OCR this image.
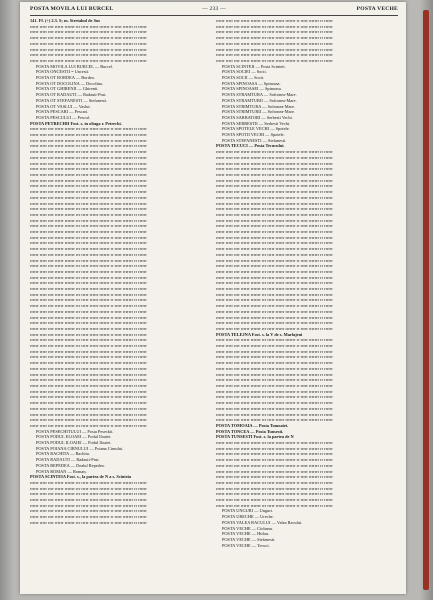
POSTA MOVILA LUI BURCEL	— 233 —	POSTA VECHE

141. Ff. (+) 2.3. S; m. Stretahul de Sus

rrrrrr rrrrr rrrr rrrrrr rrrrrrr rrr rrrrr rrrrrr rrrrrrr rr rrrrr rrrrrrr rr rrrrrr

rrrrrr rrrrr rrrr rrrrrr rrrrrrr rrr rrrrr rrrrrr rrrrrrr rr rrrrr rrrrrrr rr rrrrrr

rrrrrr rrrrr rrrr rrrrrr rrrrrrr rrr rrrrr rrrrrr rrrrrrr rr rrrrr rrrrrrr rr rrrrrr

rrrrrr rrrrr rrrr rrrrrr rrrrrrr rrr rrrrr rrrrrr rrrrrrr rr rrrrr rrrrrrr rr rrrrrr

rrrrrr rrrrr rrrr rrrrrr rrrrrrr rrr rrrrr rrrrrr rrrrrrr rr rrrrr rrrrrrr rr rrrrrr

rrrrrr rrrrr rrrr rrrrrr rrrrrrr rrr rrrrr rrrrrr rrrrrrr rr rrrrr rrrrrrr rr rrrrrr

rrrrrr rrrrr rrrr rrrrrr rrrrrrr rrr rrrrr rrrrrr rrrrrrr rr rrrrr rrrrrrr rr rrrrrr

POSTA MOVILA LUI BURCEL — Burcel.

POSTA ONCESTII = Uncesti.

POSTA OT BORDEA — Bordea.

POSTA OT DOCOLINA — Docolina.

POSTA OT GHIRENII — Ghirenii.

POSTA OT RADAUTI — Radauti-Prut.

POSTA OT STEFANESTI — Stefanesti.

POSTA OT VASLUI — Vaslui.

POSTA PESCARI — Pescari.

POSTA PESCULUI — Pescul.

POSTA PETRECHII Fost. s. in oltaga r. Petrechi.

rrrrrr rrrrr rrrr rrrrrr rrrrrrr rrr rrrrr rrrrrr rrrrrrr rr rrrrr rrrrrrr rr rrrrrr

rrrrrr rrrrr rrrr rrrrrr rrrrrrr rrr rrrrr rrrrrr rrrrrrr rr rrrrr rrrrrrr rr rrrrrr

rrrrrr rrrrr rrrr rrrrrr rrrrrrr rrr rrrrr rrrrrr rrrrrrr rr rrrrr rrrrrrr rr rrrrrr

rrrrrr rrrrr rrrr rrrrrr rrrrrrr rrr rrrrr rrrrrr rrrrrrr rr rrrrr rrrrrrr rr rrrrrr

rrrrrr rrrrr rrrr rrrrrr rrrrrrr rrr rrrrr rrrrrr rrrrrrr rr rrrrr rrrrrrr rr rrrrrr

rrrrrr rrrrr rrrr rrrrrr rrrrrrr rrr rrrrr rrrrrr rrrrrrr rr rrrrr rrrrrrr rr rrrrrr

rrrrrr rrrrr rrrr rrrrrr rrrrrrr rrr rrrrr rrrrrr rrrrrrr rr rrrrr rrrrrrr rr rrrrrr

rrrrrr rrrrr rrrr rrrrrr rrrrrrr rrr rrrrr rrrrrr rrrrrrr rr rrrrr rrrrrrr rr rrrrrr

rrrrrr rrrrr rrrr rrrrrr rrrrrrr rrr rrrrr rrrrrr rrrrrrr rr rrrrr rrrrrrr rr rrrrrr

rrrrrr rrrrr rrrr rrrrrr rrrrrrr rrr rrrrr rrrrrr rrrrrrr rr rrrrr rrrrrrr rr rrrrrr

rrrrrr rrrrr rrrr rrrrrr rrrrrrr rrr rrrrr rrrrrr rrrrrrr rr rrrrr rrrrrrr rr rrrrrr

rrrrrr rrrrr rrrr rrrrrr rrrrrrr rrr rrrrr rrrrrr rrrrrrr rr rrrrr rrrrrrr rr rrrrrr

rrrrrr rrrrr rrrr rrrrrr rrrrrrr rrr rrrrr rrrrrr rrrrrrr rr rrrrr rrrrrrr rr rrrrrr

rrrrrr rrrrr rrrr rrrrrr rrrrrrr rrr rrrrr rrrrrr rrrrrrr rr rrrrr rrrrrrr rr rrrrrr

rrrrrr rrrrr rrrr rrrrrr rrrrrrr rrr rrrrr rrrrrr rrrrrrr rr rrrrr rrrrrrr rr rrrrrr

rrrrrr rrrrr rrrr rrrrrr rrrrrrr rrr rrrrr rrrrrr rrrrrrr rr rrrrr rrrrrrr rr rrrrrr

rrrrrr rrrrr rrrr rrrrrr rrrrrrr rrr rrrrr rrrrrr rrrrrrr rr rrrrr rrrrrrr rr rrrrrr

rrrrrr rrrrr rrrr rrrrrr rrrrrrr rrr rrrrr rrrrrr rrrrrrr rr rrrrr rrrrrrr rr rrrrrr

rrrrrr rrrrr rrrr rrrrrr rrrrrrr rrr rrrrr rrrrrr rrrrrrr rr rrrrr rrrrrrr rr rrrrrr

rrrrrr rrrrr rrrr rrrrrr rrrrrrr rrr rrrrr rrrrrr rrrrrrr rr rrrrr rrrrrrr rr rrrrrr

rrrrrr rrrrr rrrr rrrrrr rrrrrrr rrr rrrrr rrrrrr rrrrrrr rr rrrrr rrrrrrr rr rrrrrr

rrrrrr rrrrr rrrr rrrrrr rrrrrrr rrr rrrrr rrrrrr rrrrrrr rr rrrrr rrrrrrr rr rrrrrr

rrrrrr rrrrr rrrr rrrrrr rrrrrrr rrr rrrrr rrrrrr rrrrrrr rr rrrrr rrrrrrr rr rrrrrr

rrrrrr rrrrr rrrr rrrrrr rrrrrrr rrr rrrrr rrrrrr rrrrrrr rr rrrrr rrrrrrr rr rrrrrr

rrrrrr rrrrr rrrr rrrrrr rrrrrrr rrr rrrrr rrrrrr rrrrrrr rr rrrrr rrrrrrr rr rrrrrr

rrrrrr rrrrr rrrr rrrrrr rrrrrrr rrr rrrrr rrrrrr rrrrrrr rr rrrrr rrrrrrr rr rrrrrr

rrrrrr rrrrr rrrr rrrrrr rrrrrrr rrr rrrrr rrrrrr rrrrrrr rr rrrrr rrrrrrr rr rrrrrr

rrrrrr rrrrr rrrr rrrrrr rrrrrrr rrr rrrrr rrrrrr rrrrrrr rr rrrrr rrrrrrr rr rrrrrr

rrrrrr rrrrr rrrr rrrrrr rrrrrrr rrr rrrrr rrrrrr rrrrrrr rr rrrrr rrrrrrr rr rrrrrr

rrrrrr rrrrr rrrr rrrrrr rrrrrrr rrr rrrrr rrrrrr rrrrrrr rr rrrrr rrrrrrr rr rrrrrr

rrrrrr rrrrr rrrr rrrrrr rrrrrrr rrr rrrrr rrrrrr rrrrrrr rr rrrrr rrrrrrr rr rrrrrr

rrrrrr rrrrr rrrr rrrrrr rrrrrrr rrr rrrrr rrrrrr rrrrrrr rr rrrrr rrrrrrr rr rrrrrr

rrrrrr rrrrr rrrr rrrrrr rrrrrrr rrr rrrrr rrrrrr rrrrrrr rr rrrrr rrrrrrr rr rrrrrr

rrrrrr rrrrr rrrr rrrrrr rrrrrrr rrr rrrrr rrrrrr rrrrrrr rr rrrrr rrrrrrr rr rrrrrr

rrrrrr rrrrr rrrr rrrrrr rrrrrrr rrr rrrrr rrrrrr rrrrrrr rr rrrrr rrrrrrr rr rrrrrr

rrrrrr rrrrr rrrr rrrrrr rrrrrrr rrr rrrrr rrrrrr rrrrrrr rr rrrrr rrrrrrr rr rrrrrr

rrrrrr rrrrr rrrr rrrrrr rrrrrrr rrr rrrrr rrrrrr rrrrrrr rr rrrrr rrrrrrr rr rrrrrr

rrrrrr rrrrr rrrr rrrrrr rrrrrrr rrr rrrrr rrrrrr rrrrrrr rr rrrrr rrrrrrr rr rrrrrr

rrrrrr rrrrr rrrr rrrrrr rrrrrrr rrr rrrrr rrrrrr rrrrrrr rr rrrrr rrrrrrr rr rrrrrr

rrrrrr rrrrr rrrr rrrrrr rrrrrrr rrr rrrrr rrrrrr rrrrrrr rr rrrrr rrrrrrr rr rrrrrr

rrrrrr rrrrr rrrr rrrrrr rrrrrrr rrr rrrrr rrrrrr rrrrrrr rr rrrrr rrrrrrr rr rrrrrr

rrrrrr rrrrr rrrr rrrrrr rrrrrrr rrr rrrrr rrrrrr rrrrrrr rr rrrrr rrrrrrr rr rrrrrr

rrrrrr rrrrr rrrr rrrrrr rrrrrrr rrr rrrrr rrrrrr rrrrrrr rr rrrrr rrrrrrr rr rrrrrr

rrrrrr rrrrr rrrr rrrrrr rrrrrrr rrr rrrrr rrrrrr rrrrrrr rr rrrrr rrrrrrr rr rrrrrr

rrrrrr rrrrr rrrr rrrrrr rrrrrrr rrr rrrrr rrrrrr rrrrrrr rr rrrrr rrrrrrr rr rrrrrr

rrrrrr rrrrr rrrr rrrrrr rrrrrrr rrr rrrrr rrrrrr rrrrrrr rr rrrrr rrrrrrr rr rrrrrr

rrrrrr rrrrr rrrr rrrrrr rrrrrrr rrr rrrrr rrrrrr rrrrrrr rr rrrrr rrrrrrr rr rrrrrr

rrrrrr rrrrr rrrr rrrrrr rrrrrrr rrr rrrrr rrrrrr rrrrrrr rr rrrrr rrrrrrr rr rrrrrr

rrrrrr rrrrr rrrr rrrrrr rrrrrrr rrr rrrrr rrrrrr rrrrrrr rr rrrrr rrrrrrr rr rrrrrr

rrrrrr rrrrr rrrr rrrrrr rrrrrrr rrr rrrrr rrrrrr rrrrrrr rr rrrrr rrrrrrr rr rrrrrr

rrrrrr rrrrr rrrr rrrrrr rrrrrrr rrr rrrrr rrrrrr rrrrrrr rr rrrrr rrrrrrr rr rrrrrr

rrrrrr rrrrr rrrr rrrrrr rrrrrrr rrr rrrrr rrrrrr rrrrrrr rr rrrrr rrrrrrr rr rrrrrr

rrrrrr rrrrr rrrr rrrrrr rrrrrrr rrr rrrrr rrrrrr rrrrrrr rr rrrrr rrrrrrr rr rrrrrr

POSTA PESECHITULUI — Posta Peseckit.

POSTA PODUL ELOAEI — Podul Iloaiei.

POSTA PODUL ILOAIEI — Podul Iloaiei.

POSTA POIANA CIRNULUI — Poiana Cirnului.

POSTA RACHITA — Rachita.

POSTA RADAUTI — Radauti-Prut.

POSTA REPEDEA — Dealul Repedea.

POSTA ROMAN — Roman.

POSTA SCINTEIA Fost. s., la partea de N a s. Scinteia

rrrrrr rrrrr rrrr rrrrrr rrrrrrr rrr rrrrr rrrrrr rrrrrrr rr rrrrr rrrrrrr rr rrrrrr

rrrrrr rrrrr rrrr rrrrrr rrrrrrr rrr rrrrr rrrrrr rrrrrrr rr rrrrr rrrrrrr rr rrrrrr

rrrrrr rrrrr rrrr rrrrrr rrrrrrr rrr rrrrr rrrrrr rrrrrrr rr rrrrr rrrrrrr rr rrrrrr

rrrrrr rrrrr rrrr rrrrrr rrrrrrr rrr rrrrr rrrrrr rrrrrrr rr rrrrr rrrrrrr rr rrrrrr

rrrrrr rrrrr rrrr rrrrrr rrrrrrr rrr rrrrr rrrrrr rrrrrrr rr rrrrr rrrrrrr rr rrrrrr

rrrrrr rrrrr rrrr rrrrrr rrrrrrr rrr rrrrr rrrrrr rrrrrrr rr rrrrr rrrrrrr rr rrrrrr

rrrrrr rrrrr rrrr rrrrrr rrrrrrr rrr rrrrr rrrrrr rrrrrrr rr rrrrr rrrrrrr rr rrrrrr

rrrrrr rrrrr rrrr rrrrrr rrrrrrr rrr rrrrr rrrrrr rrrrrrr rr rrrrr rrrrrrr rr rrrrrr

rrrrrr rrrrr rrrr rrrrrr rrrrrrr rrr rrrrr rrrrrr rrrrrrr rr rrrrr rrrrrrr rr rrrrrr

rrrrrr rrrrr rrrr rrrrrr rrrrrrr rrr rrrrr rrrrrr rrrrrrr rr rrrrr rrrrrrr rr rrrrrr

rrrrrr rrrrr rrrr rrrrrr rrrrrrr rrr rrrrr rrrrrr rrrrrrr rr rrrrr rrrrrrr rr rrrrrr

rrrrrr rrrrr rrrr rrrrrr rrrrrrr rrr rrrrr rrrrrr rrrrrrr rr rrrrr rrrrrrr rr rrrrrr

rrrrrr rrrrr rrrr rrrrrr rrrrrrr rrr rrrrr rrrrrr rrrrrrr rr rrrrr rrrrrrr rr rrrrrr

rrrrrr rrrrr rrrr rrrrrr rrrrrrr rrr rrrrr rrrrrr rrrrrrr rr rrrrr rrrrrrr rr rrrrrr

rrrrrr rrrrr rrrr rrrrrr rrrrrrr rrr rrrrr rrrrrr rrrrrrr rr rrrrr rrrrrrr rr rrrrrr

rrrrrr rrrrr rrrr rrrrrr rrrrrrr rrr rrrrr rrrrrr rrrrrrr rr rrrrr rrrrrrr rr rrrrrr

POSTA SCINTEII — Posta Scinteii.

POSTA SOCIEI — Socii.

POSTA SOCII — Socii.

POSTA SPINOASA — Spinoasa.

POSTA SPINOASEI — Spinoasa.

POSTA STRAMTURA — Sofronea-Mare.

POSTA STRAMTURII — Sofronea-Mare.

POSTA STRIMTURA — Sofronea-Mare.

POSTA STRIMTURII — Sofronea-Mare.

POSTA SARBATORI — Serbesti Vechi.

POSTA SERBESTII — Serbesti Vechi.

POSTA SPOTELE VECHI — Spotele.

POSTA SPOTII VECHI — Spotele.

POSTA STEFANESTI — Stefanesti.

POSTA TECUCI — Posta Tecucului.

rrrrrr rrrrr rrrr rrrrrr rrrrrrr rrr rrrrr rrrrrr rrrrrrr rr rrrrr rrrrrrr rr rrrrrr

rrrrrr rrrrr rrrr rrrrrr rrrrrrr rrr rrrrr rrrrrr rrrrrrr rr rrrrr rrrrrrr rr rrrrrr

rrrrrr rrrrr rrrr rrrrrr rrrrrrr rrr rrrrr rrrrrr rrrrrrr rr rrrrr rrrrrrr rr rrrrrr

rrrrrr rrrrr rrrr rrrrrr rrrrrrr rrr rrrrr rrrrrr rrrrrrr rr rrrrr rrrrrrr rr rrrrrr

rrrrrr rrrrr rrrr rrrrrr rrrrrrr rrr rrrrr rrrrrr rrrrrrr rr rrrrr rrrrrrr rr rrrrrr

rrrrrr rrrrr rrrr rrrrrr rrrrrrr rrr rrrrr rrrrrr rrrrrrr rr rrrrr rrrrrrr rr rrrrrr

rrrrrr rrrrr rrrr rrrrrr rrrrrrr rrr rrrrr rrrrrr rrrrrrr rr rrrrr rrrrrrr rr rrrrrr

rrrrrr rrrrr rrrr rrrrrr rrrrrrr rrr rrrrr rrrrrr rrrrrrr rr rrrrr rrrrrrr rr rrrrrr

rrrrrr rrrrr rrrr rrrrrr rrrrrrr rrr rrrrr rrrrrr rrrrrrr rr rrrrr rrrrrrr rr rrrrrr

rrrrrr rrrrr rrrr rrrrrr rrrrrrr rrr rrrrr rrrrrr rrrrrrr rr rrrrr rrrrrrr rr rrrrrr

rrrrrr rrrrr rrrr rrrrrr rrrrrrr rrr rrrrr rrrrrr rrrrrrr rr rrrrr rrrrrrr rr rrrrrr

rrrrrr rrrrr rrrr rrrrrr rrrrrrr rrr rrrrr rrrrrr rrrrrrr rr rrrrr rrrrrrr rr rrrrrr

rrrrrr rrrrr rrrr rrrrrr rrrrrrr rrr rrrrr rrrrrr rrrrrrr rr rrrrr rrrrrrr rr rrrrrr

rrrrrr rrrrr rrrr rrrrrr rrrrrrr rrr rrrrr rrrrrr rrrrrrr rr rrrrr rrrrrrr rr rrrrrr

rrrrrr rrrrr rrrr rrrrrr rrrrrrr rrr rrrrr rrrrrr rrrrrrr rr rrrrr rrrrrrr rr rrrrrr

rrrrrr rrrrr rrrr rrrrrr rrrrrrr rrr rrrrr rrrrrr rrrrrrr rr rrrrr rrrrrrr rr rrrrrr

rrrrrr rrrrr rrrr rrrrrr rrrrrrr rrr rrrrr rrrrrr rrrrrrr rr rrrrr rrrrrrr rr rrrrrr

rrrrrr rrrrr rrrr rrrrrr rrrrrrr rrr rrrrr rrrrrr rrrrrrr rr rrrrr rrrrrrr rr rrrrrr

rrrrrr rrrrr rrrr rrrrrr rrrrrrr rrr rrrrr rrrrrr rrrrrrr rr rrrrr rrrrrrr rr rrrrrr

rrrrrr rrrrr rrrr rrrrrr rrrrrrr rrr rrrrr rrrrrr rrrrrrr rr rrrrr rrrrrrr rr rrrrrr

rrrrrr rrrrr rrrr rrrrrr rrrrrrr rrr rrrrr rrrrrr rrrrrrr rr rrrrr rrrrrrr rr rrrrrr

rrrrrr rrrrr rrrr rrrrrr rrrrrrr rrr rrrrr rrrrrr rrrrrrr rr rrrrr rrrrrrr rr rrrrrr

rrrrrr rrrrr rrrr rrrrrr rrrrrrr rrr rrrrr rrrrrr rrrrrrr rr rrrrr rrrrrrr rr rrrrrr

rrrrrr rrrrr rrrr rrrrrr rrrrrrr rrr rrrrr rrrrrr rrrrrrr rr rrrrr rrrrrrr rr rrrrrr

rrrrrr rrrrr rrrr rrrrrr rrrrrrr rrr rrrrr rrrrrr rrrrrrr rr rrrrr rrrrrrr rr rrrrrr

rrrrrr rrrrr rrrr rrrrrr rrrrrrr rrr rrrrr rrrrrr rrrrrrr rr rrrrr rrrrrrr rr rrrrrr

rrrrrr rrrrr rrrr rrrrrr rrrrrrr rrr rrrrr rrrrrr rrrrrrr rr rrrrr rrrrrrr rr rrrrrr

rrrrrr rrrrr rrrr rrrrrr rrrrrrr rrr rrrrr rrrrrr rrrrrrr rr rrrrr rrrrrrr rr rrrrrr

rrrrrr rrrrr rrrr rrrrrr rrrrrrr rrr rrrrr rrrrrr rrrrrrr rr rrrrr rrrrrrr rr rrrrrr

rrrrrr rrrrr rrrr rrrrrr rrrrrrr rrr rrrrr rrrrrr rrrrrrr rr rrrrr rrrrrrr rr rrrrrr

rrrrrr rrrrr rrrr rrrrrr rrrrrrr rrr rrrrr rrrrrr rrrrrrr rr rrrrr rrrrrrr rr rrrrrr

rrrrrr rrrrr rrrr rrrrrr rrrrrrr rrr rrrrr rrrrrr rrrrrrr rr rrrrr rrrrrrr rr rrrrrr

POSTA TELEJNA Fost. s. la V de s. Marlajeni

rrrrrr rrrrr rrrr rrrrrr rrrrrrr rrr rrrrr rrrrrr rrrrrrr rr rrrrr rrrrrrr rr rrrrrr

rrrrrr rrrrr rrrr rrrrrr rrrrrrr rrr rrrrr rrrrrr rrrrrrr rr rrrrr rrrrrrr rr rrrrrr

rrrrrr rrrrr rrrr rrrrrr rrrrrrr rrr rrrrr rrrrrr rrrrrrr rr rrrrr rrrrrrr rr rrrrrr

rrrrrr rrrrr rrrr rrrrrr rrrrrrr rrr rrrrr rrrrrr rrrrrrr rr rrrrr rrrrrrr rr rrrrrr

rrrrrr rrrrr rrrr rrrrrr rrrrrrr rrr rrrrr rrrrrr rrrrrrr rr rrrrr rrrrrrr rr rrrrrr

rrrrrr rrrrr rrrr rrrrrr rrrrrrr rrr rrrrr rrrrrr rrrrrrr rr rrrrr rrrrrrr rr rrrrrr

rrrrrr rrrrr rrrr rrrrrr rrrrrrr rrr rrrrr rrrrrr rrrrrrr rr rrrrr rrrrrrr rr rrrrrr

rrrrrr rrrrr rrrr rrrrrr rrrrrrr rrr rrrrr rrrrrr rrrrrrr rr rrrrr rrrrrrr rr rrrrrr

rrrrrr rrrrr rrrr rrrrrr rrrrrrr rrr rrrrr rrrrrr rrrrrrr rr rrrrr rrrrrrr rr rrrrrr

rrrrrr rrrrr rrrr rrrrrr rrrrrrr rrr rrrrr rrrrrr rrrrrrr rr rrrrr rrrrrrr rr rrrrrr

rrrrrr rrrrr rrrr rrrrrr rrrrrrr rrr rrrrr rrrrrr rrrrrrr rr rrrrr rrrrrrr rr rrrrrr

rrrrrr rrrrr rrrr rrrrrr rrrrrrr rrr rrrrr rrrrrr rrrrrrr rr rrrrr rrrrrrr rr rrrrrr

rrrrrr rrrrr rrrr rrrrrr rrrrrrr rrr rrrrr rrrrrr rrrrrrr rr rrrrr rrrrrrr rr rrrrrr

rrrrrr rrrrr rrrr rrrrrr rrrrrrr rrr rrrrr rrrrrr rrrrrrr rr rrrrr rrrrrrr rr rrrrrr

rrrrrr rrrrr rrrr rrrrrr rrrrrrr rrr rrrrr rrrrrr rrrrrrr rr rrrrr rrrrrrr rr rrrrrr

POSTA TOMOAIA — Posta Tomoaiei.

POSTA TONCEA — Posta Tunsesti.

POSTA TUNSESTI Fost. s. la partea de N

rrrrrr rrrrr rrrr rrrrrr rrrrrrr rrr rrrrr rrrrrr rrrrrrr rr rrrrr rrrrrrr rr rrrrrr

rrrrrr rrrrr rrrr rrrrrr rrrrrrr rrr rrrrr rrrrrr rrrrrrr rr rrrrr rrrrrrr rr rrrrrr

rrrrrr rrrrr rrrr rrrrrr rrrrrrr rrr rrrrr rrrrrr rrrrrrr rr rrrrr rrrrrrr rr rrrrrr

rrrrrr rrrrr rrrr rrrrrr rrrrrrr rrr rrrrr rrrrrr rrrrrrr rr rrrrr rrrrrrr rr rrrrrr

rrrrrr rrrrr rrrr rrrrrr rrrrrrr rrr rrrrr rrrrrr rrrrrrr rr rrrrr rrrrrrr rr rrrrrr

rrrrrr rrrrr rrrr rrrrrr rrrrrrr rrr rrrrr rrrrrr rrrrrrr rr rrrrr rrrrrrr rr rrrrrr

rrrrrr rrrrr rrrr rrrrrr rrrrrrr rrr rrrrr rrrrrr rrrrrrr rr rrrrr rrrrrrr rr rrrrrr

rrrrrr rrrrr rrrr rrrrrr rrrrrrr rrr rrrrr rrrrrr rrrrrrr rr rrrrr rrrrrrr rr rrrrrr

rrrrrr rrrrr rrrr rrrrrr rrrrrrr rrr rrrrr rrrrrr rrrrrrr rr rrrrr rrrrrrr rr rrrrrr

rrrrrr rrrrr rrrr rrrrrr rrrrrrr rrr rrrrr rrrrrr rrrrrrr rr rrrrr rrrrrrr rr rrrrrr

rrrrrr rrrrr rrrr rrrrrr rrrrrrr rrr rrrrr rrrrrr rrrrrrr rr rrrrr rrrrrrr rr rrrrrr

rrrrrr rrrrr rrrr rrrrrr rrrrrrr rrr rrrrr rrrrrr rrrrrrr rr rrrrr rrrrrrr rr rrrrrr

POSTA UNGURI — Unguri.

POSTA URECHE — Ureche.

POSTA VALEA RACULUI — Valea Racului.

POSTA VECHE — Ciobanu.

POSTA VECHE — Hirlau.

POSTA VECHE — Stefanesti.

POSTA VECHE — Tecuci.
